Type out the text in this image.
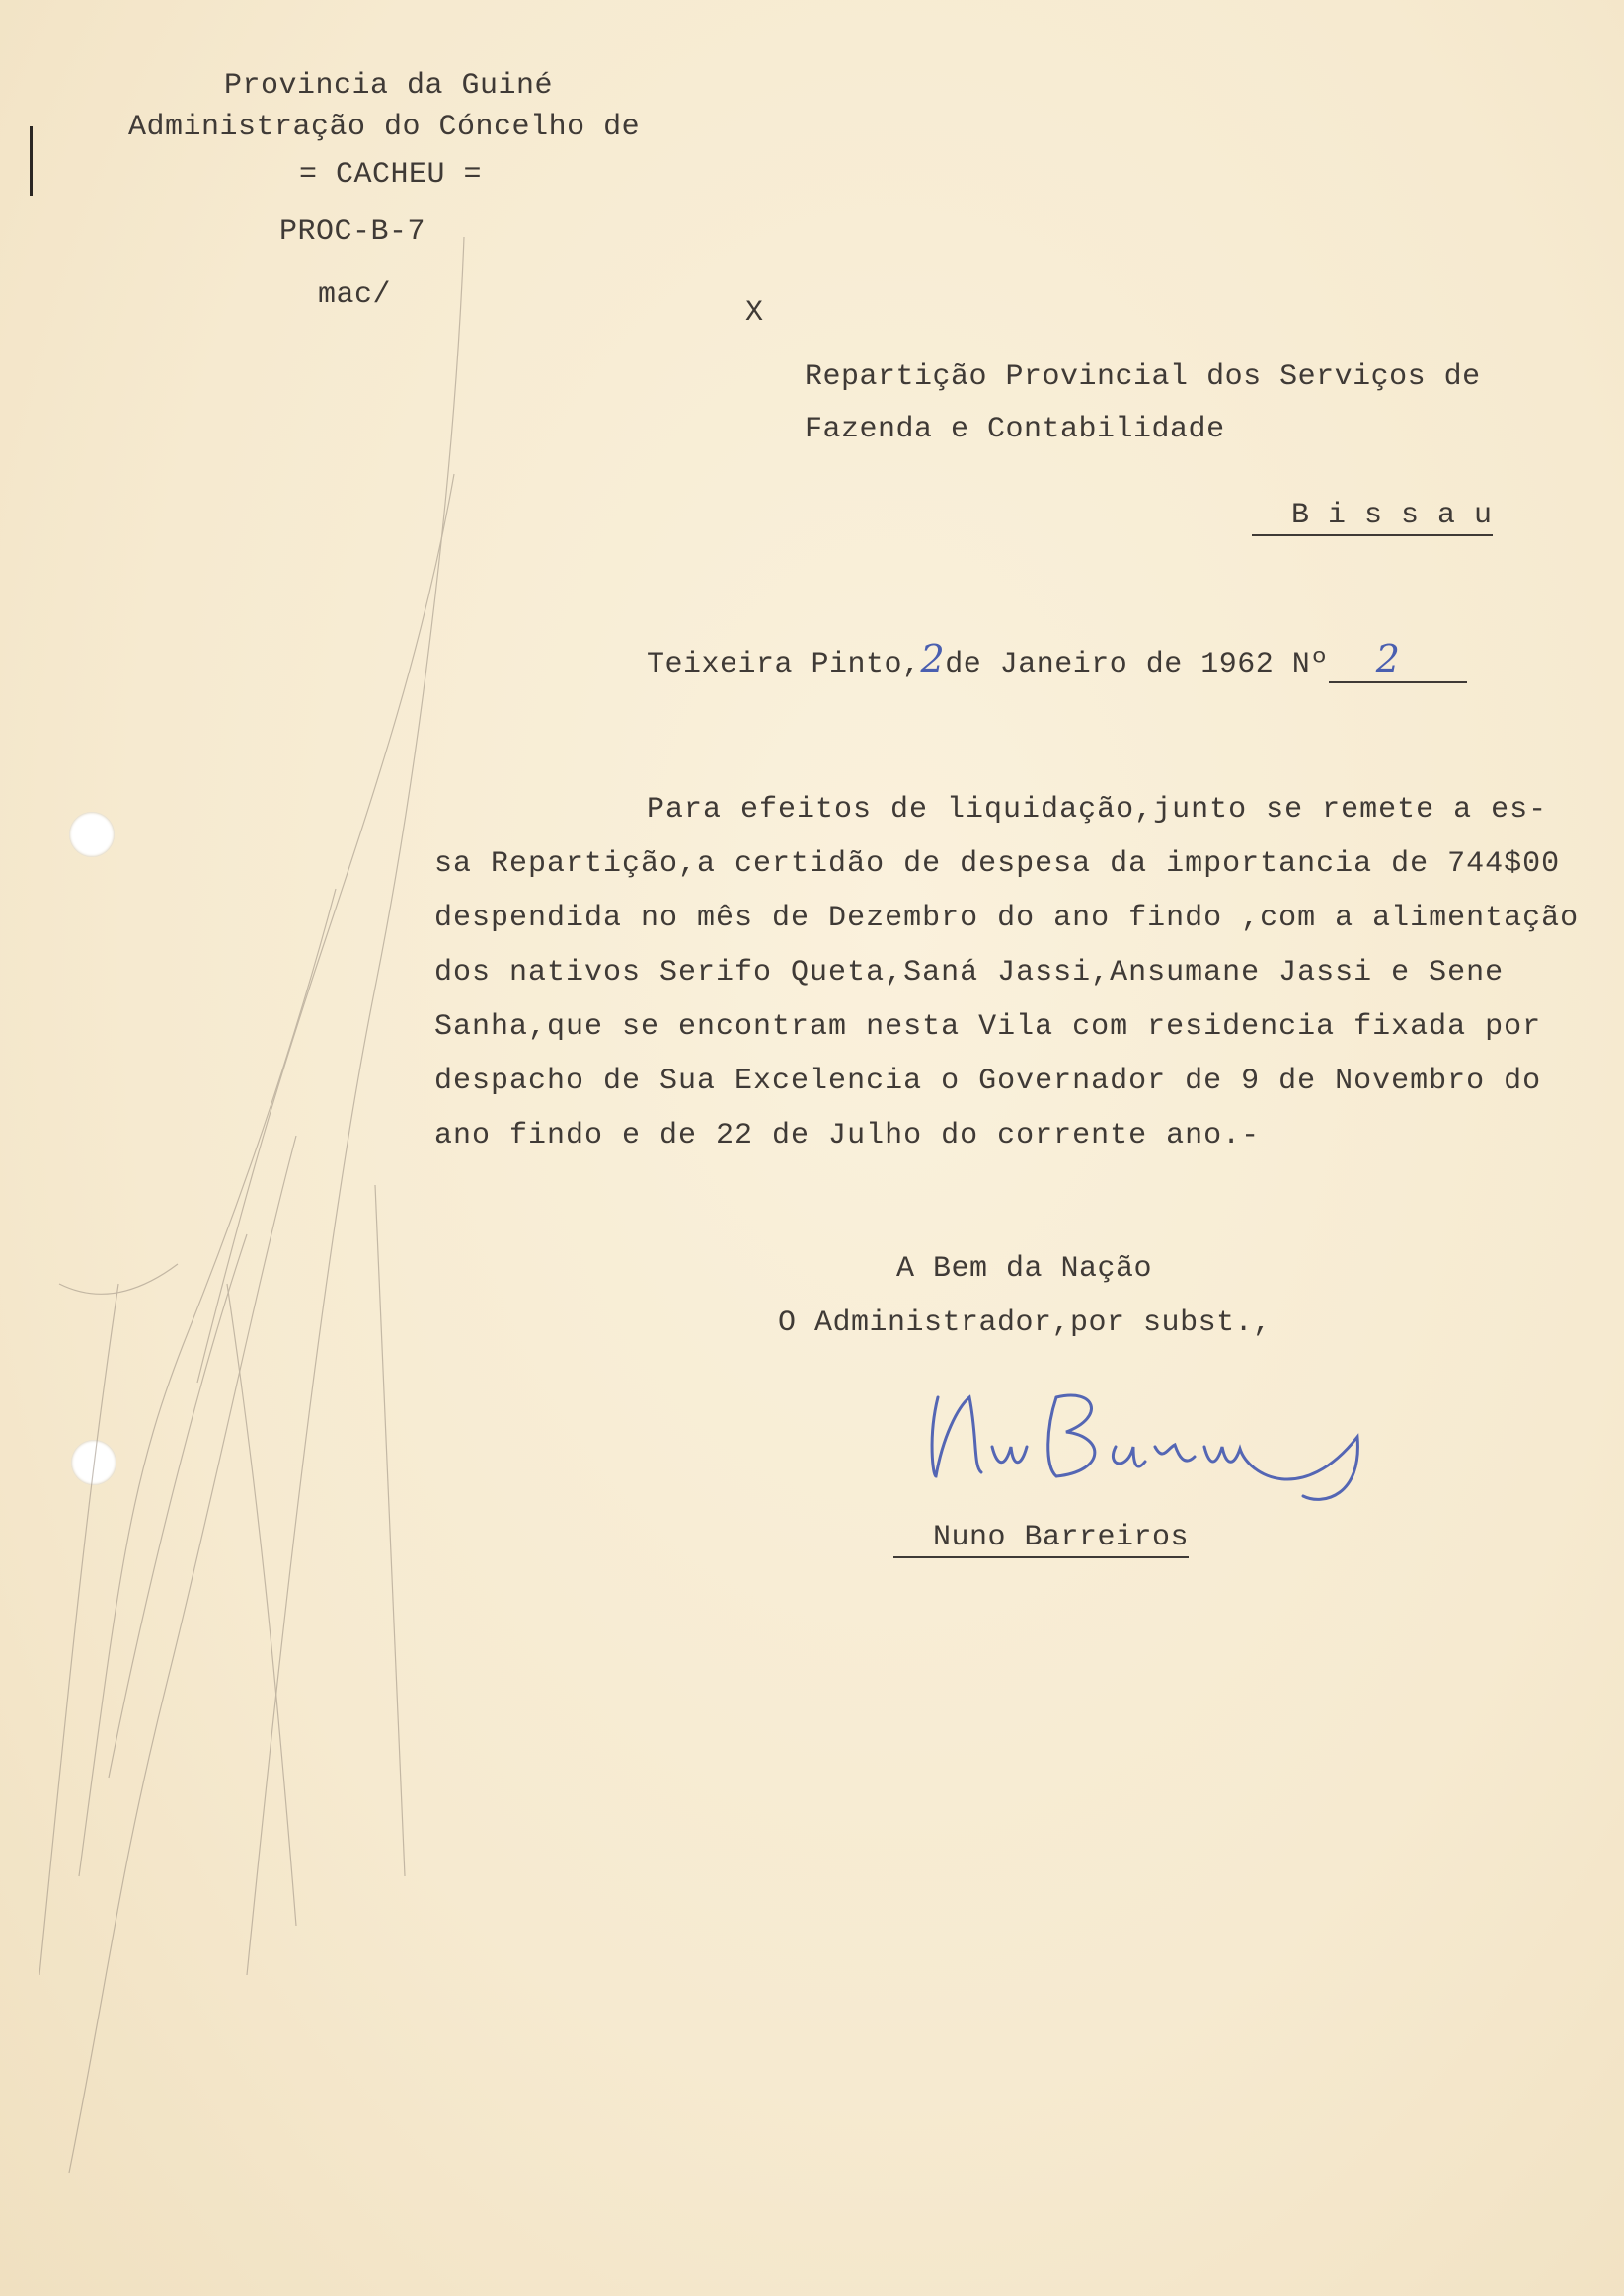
Provincia da Guiné
Administração do Cóncelho de
= CACHEU =
PROC-B-7
mac/
X
Repartição Provincial dos Serviços de
Fazenda e Contabilidade
B i s s a u
Teixeira Pinto,2de Janeiro de 1962 Nº 2
Para efeitos de liquidação,junto se remete a es-
sa Repartição,a certidão de despesa da importancia de 744$00
despendida no mês de Dezembro do ano findo ,com a alimentação
dos nativos Serifo Queta,Saná Jassi,Ansumane Jassi e Sene
Sanha,que se encontram nesta Vila com residencia fixada por
despacho de Sua Excelencia o Governador de 9 de Novembro do
ano findo e de 22 de Julho do corrente ano.-
A Bem da Nação
O Administrador,por subst.,
Nuno Barreiros
